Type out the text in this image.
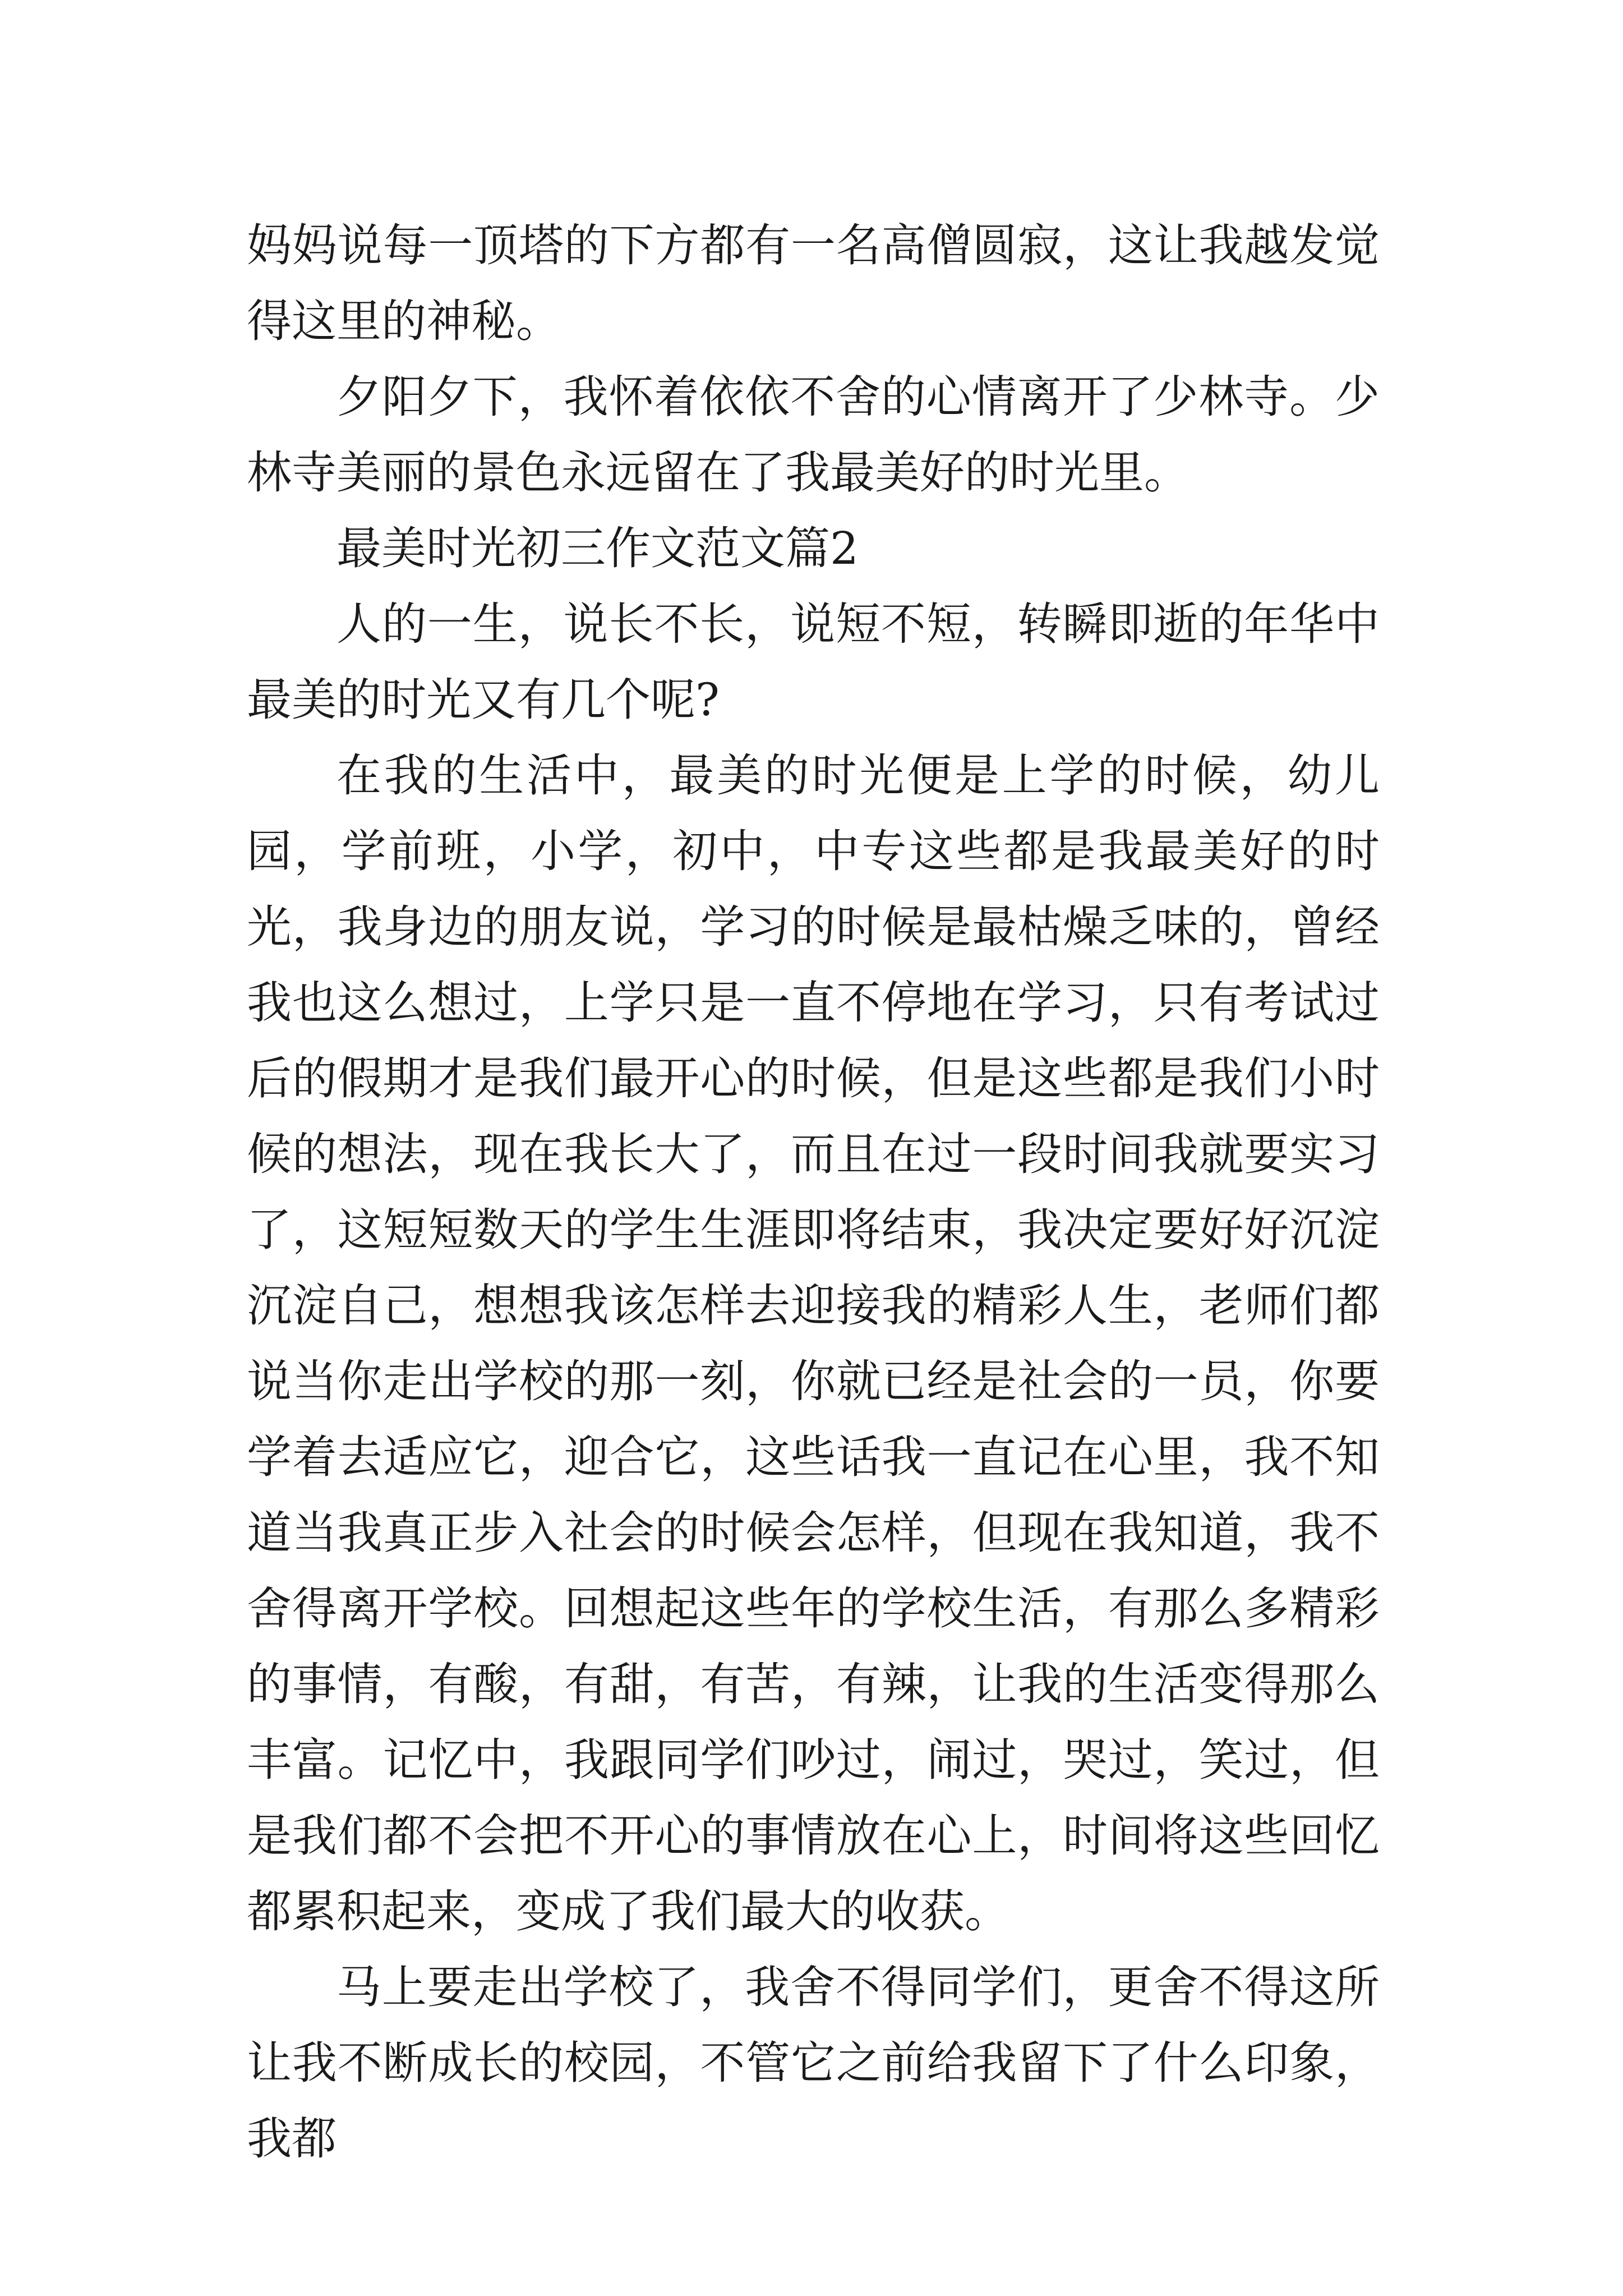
妈妈说每一顶塔的下方都有一名高僧圆寂，这让我越发觉得这里的神秘。

夕阳夕下，我怀着依依不舍的心情离开了少林寺。少林寺美丽的景色永远留在了我最美好的时光里。

最美时光初三作文范文篇2

人的一生，说长不长，说短不短，转瞬即逝的年华中最美的时光又有几个呢?

在我的生活中，最美的时光便是上学的时候，幼儿园，学前班，小学，初中，中专这些都是我最美好的时光，我身边的朋友说，学习的时候是最枯燥乏味的，曾经我也这么想过，上学只是一直不停地在学习，只有考试过后的假期才是我们最开心的时候，但是这些都是我们小时候的想法，现在我长大了，而且在过一段时间我就要实习了，这短短数天的学生生涯即将结束，我决定要好好沉淀沉淀自己，想想我该怎样去迎接我的精彩人生，老师们都说当你走出学校的那一刻，你就已经是社会的一员，你要学着去适应它，迎合它，这些话我一直记在心里，我不知道当我真正步入社会的时候会怎样，但现在我知道，我不舍得离开学校。回想起这些年的学校生活，有那么多精彩的事情，有酸，有甜，有苦，有辣，让我的生活变得那么丰富。记忆中，我跟同学们吵过，闹过，哭过，笑过，但是我们都不会把不开心的事情放在心上，时间将这些回忆都累积起来，变成了我们最大的收获。

马上要走出学校了，我舍不得同学们，更舍不得这所让我不断成长的校园，不管它之前给我留下了什么印象，我都
